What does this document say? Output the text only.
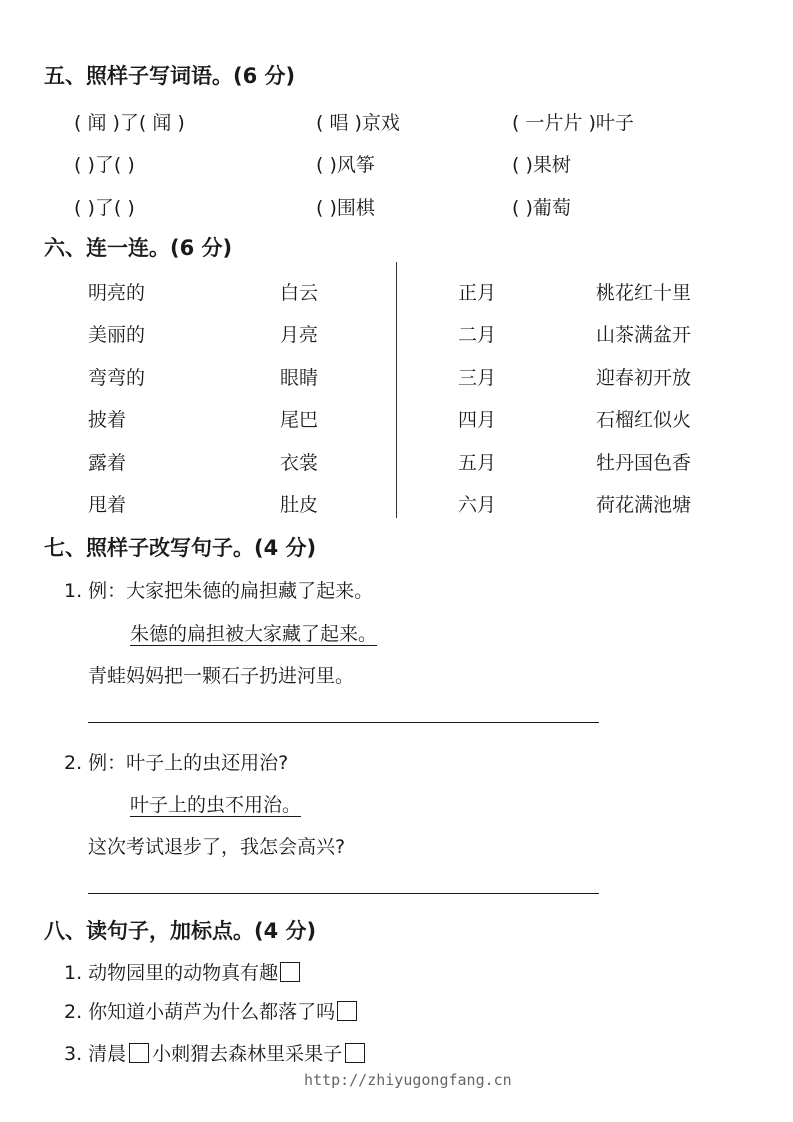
五、照样子写词语。(6 分)
( 闻 )了( 闻 )	( 唱 )京戏	( 一片片 )叶子
( )了( )	( )风筝	( )果树
( )了( )	( )围棋	( )葡萄
六、连一连。(6 分)
明亮的
美丽的
弯弯的
披着
露着
甩着
白云
月亮
眼睛
尾巴
衣裳
肚皮
正月
二月
三月
四月
五月
六月
桃花红十里
山茶满盆开
迎春初开放
石榴红似火
牡丹国色香
荷花满池塘
七、照样子改写句子。(4 分)
1. 例：大家把朱德的扁担藏了起来。
朱德的扁担被大家藏了起来。
青蛙妈妈把一颗石子扔进河里。
2. 例：叶子上的虫还用治?
叶子上的虫不用治。
这次考试退步了，我怎会高兴?
八、读句子，加标点。(4 分)
1. 动物园里的动物真有趣
2. 你知道小葫芦为什么都落了吗
3. 清晨 小刺猬去森林里采果子
http://zhiyugongfang.cn
